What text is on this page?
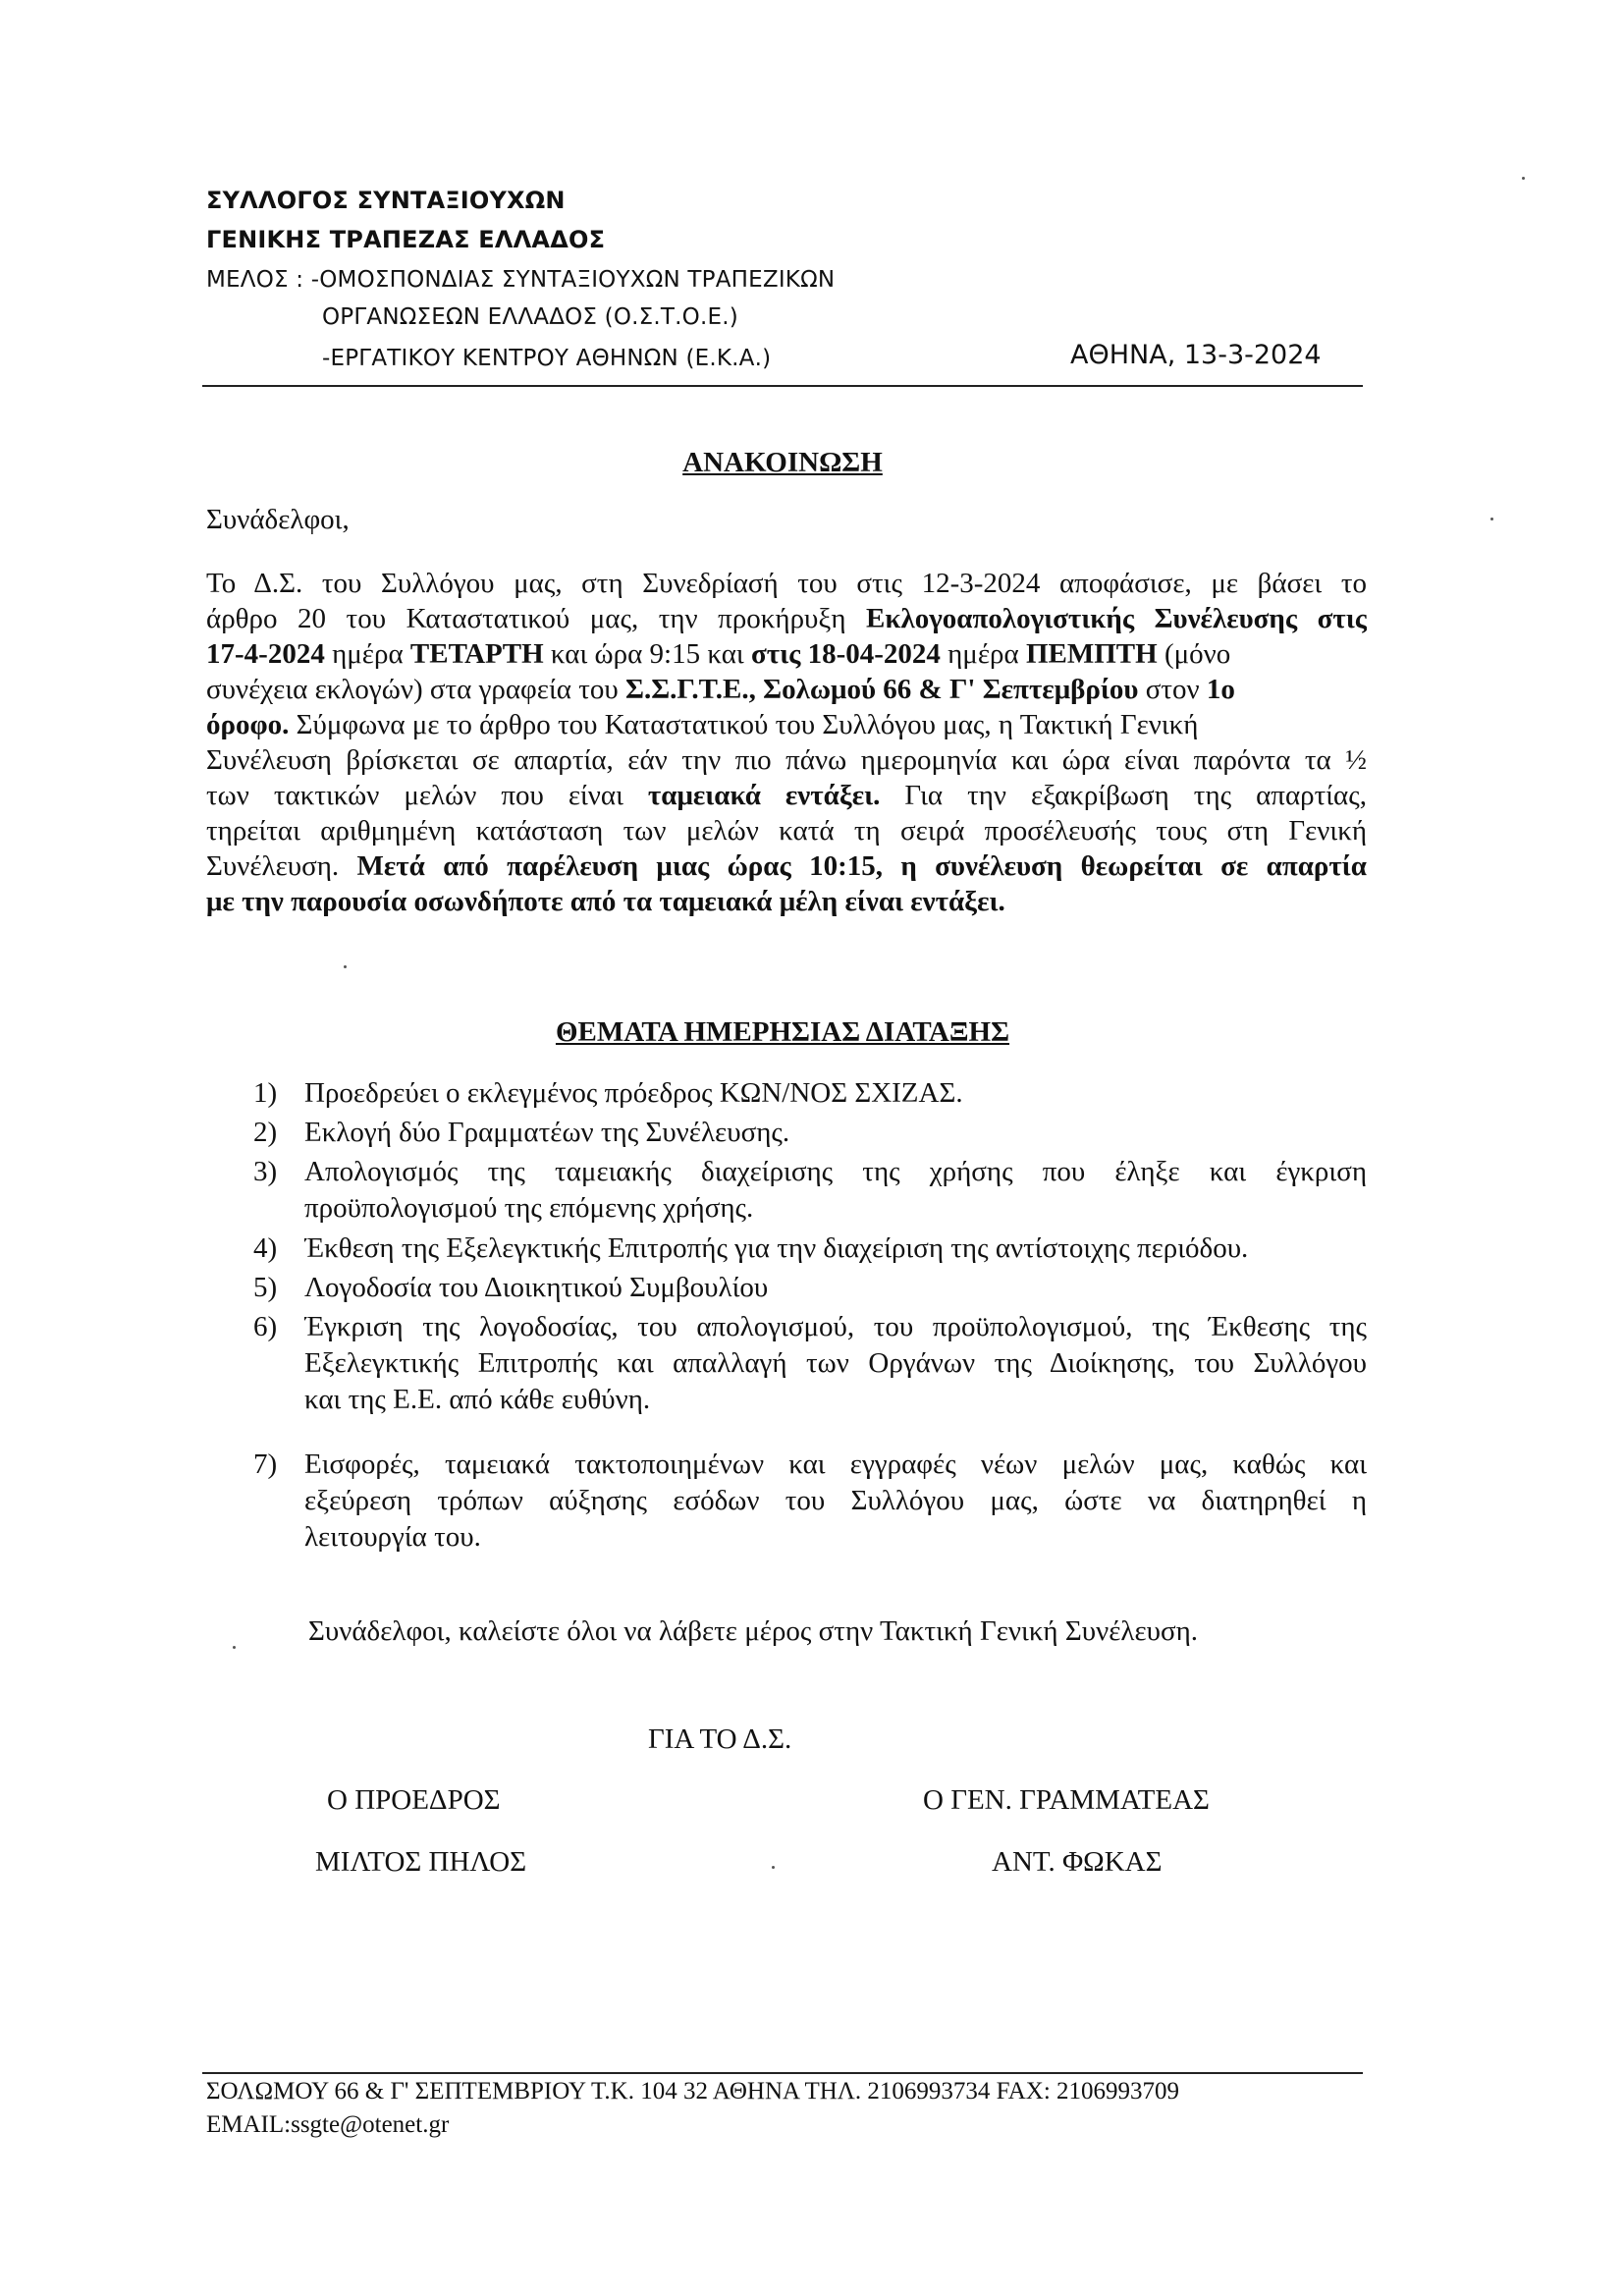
ΣΥΛΛΟΓΟΣ ΣΥΝΤΑΞΙΟΥΧΩΝ
ΓΕΝΙΚΗΣ ΤΡΑΠΕΖΑΣ ΕΛΛΑΔΟΣ
ΜΕΛΟΣ : -ΟΜΟΣΠΟΝΔΙΑΣ ΣΥΝΤΑΞΙΟΥΧΩΝ ΤΡΑΠΕΖΙΚΩΝ
ΟΡΓΑΝΩΣΕΩΝ ΕΛΛΑΔΟΣ (Ο.Σ.Τ.Ο.Ε.)
-ΕΡΓΑΤΙΚΟΥ ΚΕΝΤΡΟΥ ΑΘΗΝΩΝ (Ε.Κ.Α.)	ΑΘΗΝΑ, 13-3-2024
ΑΝΑΚΟΙΝΩΣΗ
Συνάδελφοι,
Το Δ.Σ. του Συλλόγου μας, στη Συνεδρίασή του στις 12-3-2024 αποφάσισε, με βάσει το
άρθρο 20 του Καταστατικού μας, την προκήρυξη Εκλογοαπολογιστικής Συνέλευσης στις
17-4-2024 ημέρα ΤΕΤΑΡΤΗ και ώρα 9:15 και στις 18-04-2024 ημέρα ΠΕΜΠΤΗ (μόνο
συνέχεια εκλογών) στα γραφεία του Σ.Σ.Γ.Τ.Ε., Σολωμού 66 & Γ' Σεπτεμβρίου στον 1ο
όροφο. Σύμφωνα με το άρθρο του Καταστατικού του Συλλόγου μας, η Τακτική Γενική
Συνέλευση βρίσκεται σε απαρτία, εάν την πιο πάνω ημερομηνία και ώρα είναι παρόντα τα ½
των τακτικών μελών που είναι ταμειακά εντάξει. Για την εξακρίβωση της απαρτίας,
τηρείται αριθμημένη κατάσταση των μελών κατά τη σειρά προσέλευσής τους στη Γενική
Συνέλευση. Μετά από παρέλευση μιας ώρας 10:15, η συνέλευση θεωρείται σε απαρτία
με την παρουσία οσωνδήποτε από τα ταμειακά μέλη είναι εντάξει.
ΘΕΜΑΤΑ ΗΜΕΡΗΣΙΑΣ ΔΙΑΤΑΞΗΣ
1) Προεδρεύει ο εκλεγμένος πρόεδρος ΚΩΝ/ΝΟΣ ΣΧΙΖΑΣ.
2) Εκλογή δύο Γραμματέων της Συνέλευσης.
3) Απολογισμός της ταμειακής διαχείρισης της χρήσης που έληξε και έγκριση
προϋπολογισμού της επόμενης χρήσης.
4) Έκθεση της Εξελεγκτικής Επιτροπής για την διαχείριση της αντίστοιχης περιόδου.
5) Λογοδοσία του Διοικητικού Συμβουλίου
6) Έγκριση της λογοδοσίας, του απολογισμού, του προϋπολογισμού, της Έκθεσης της
Εξελεγκτικής Επιτροπής και απαλλαγή των Οργάνων της Διοίκησης, του Συλλόγου
και της Ε.Ε. από κάθε ευθύνη.
7) Εισφορές, ταμειακά τακτοποιημένων και εγγραφές νέων μελών μας, καθώς και
εξεύρεση τρόπων αύξησης εσόδων του Συλλόγου μας, ώστε να διατηρηθεί η
λειτουργία του.
Συνάδελφοι, καλείστε όλοι να λάβετε μέρος στην Τακτική Γενική Συνέλευση.
ΓΙΑ ΤΟ Δ.Σ.
Ο ΠΡΟΕΔΡΟΣ	Ο ΓΕΝ. ΓΡΑΜΜΑΤΕΑΣ
ΜΙΛΤΟΣ ΠΗΛΟΣ	ΑΝΤ. ΦΩΚΑΣ
ΣΟΛΩΜΟΥ 66 & Γ' ΣΕΠΤΕΜΒΡΙΟΥ Τ.Κ. 104 32 ΑΘΗΝΑ ΤΗΛ. 2106993734 FAX: 2106993709
EMAIL:ssgte@otenet.gr
